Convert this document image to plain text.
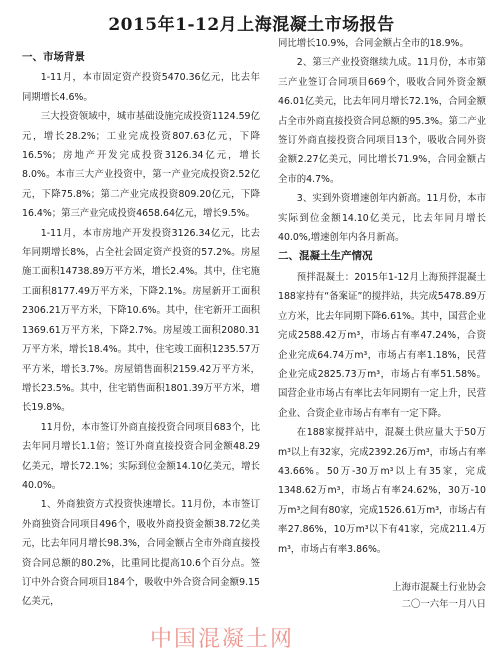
2015年1-12月上海混凝土市场报告
一、市场背景

1-11月，本市固定资产投资5470.36亿元，比去年同期增长4.6%。

三大投资领域中，城市基础设施完成投资1124.59亿元，增长28.2%；工业完成投资807.63亿元，下降16.5%；房地产开发完成投资3126.34亿元，增长8.0%。本市三大产业投资中，第一产业完成投资2.52亿元，下降75.8%；第二产业完成投资809.20亿元，下降16.4%；第三产业完成投资4658.64亿元，增长9.5%。

1-11月，本市房地产开发投资3126.34亿元，比去年同期增长8%，占全社会固定资产投资的57.2%。房屋施工面积14738.89万平方米，增长2.4%。其中，住宅施工面积8177.49万平方米，下降2.1%。房屋新开工面积2306.21万平方米，下降10.6%。其中，住宅新开工面积1369.61万平方米，下降2.7%。房屋竣工面积2080.31万平方米，增长18.4%。其中，住宅竣工面积1235.57万平方米，增长3.7%。房屋销售面积2159.42万平方米，增长23.5%。其中，住宅销售面积1801.39万平方米，增长19.8%。

11月份，本市签订外商直接投资合同项目683个，比去年同月增长1.1倍；签订外商直接投资合同金额48.29亿美元，增长72.1%；实际到位金额14.10亿美元，增长40.0%。

1、外商独资方式投资快速增长。11月份，本市签订外商独资合同项目496个，吸收外商投资金额38.72亿美元，比去年同月增长98.3%，合同金额占全市外商直接投资合同总额的80.2%，比重同比提高10.6个百分点。签订中外合资合同项目184个，吸收中外合资合同金额9.15亿美元，

同比增长10.9%，合同金额占全市的18.9%。

2、第三产业投资继续九成。11月份，本市第三产业签订合同项目669个，吸收合同外资金额46.01亿美元，比去年同月增长72.1%，合同金额占全市外商直接投资合同总额的95.3%。第二产业签订外商直接投资合同项目13个，吸收合同外资金额2.27亿美元，同比增长71.9%，合同金额占全市的4.7%。

3、实到外资增速创年内新高。11月份，本市实际到位金额14.10亿美元，比去年同月增长40.0%,增速创年内各月新高。

二、混凝土生产情况

预拌混凝土：2015年1-12月上海预拌混凝土188家持有“备案证”的搅拌站，共完成5478.89万立方米，比去年同期下降6.61%。其中，国营企业完成2588.42万m³，市场占有率47.24%，合资企业完成64.74万m³，市场占有率1.18%，民营企业完成2825.73万m³，市场占有率51.58%。国营企业市场占有率比去年同期有一定上升，民营企业、合资企业市场占有率有一定下降。

在188家搅拌站中，混凝土供应量大于50万m³以上有32家，完成2392.26万m³，市场占有率43.66%。50万-30万m³以上有35家，完成1348.62万m³，市场占有率24.62%，30万-10万m³之间有80家，完成1526.61万m³，市场占有率27.86%，10万m³以下有41家，完成211.4万m³，市场占有率3.86%。

上海市混凝土行业协会
二〇一六年一月八日
中国混凝土网
